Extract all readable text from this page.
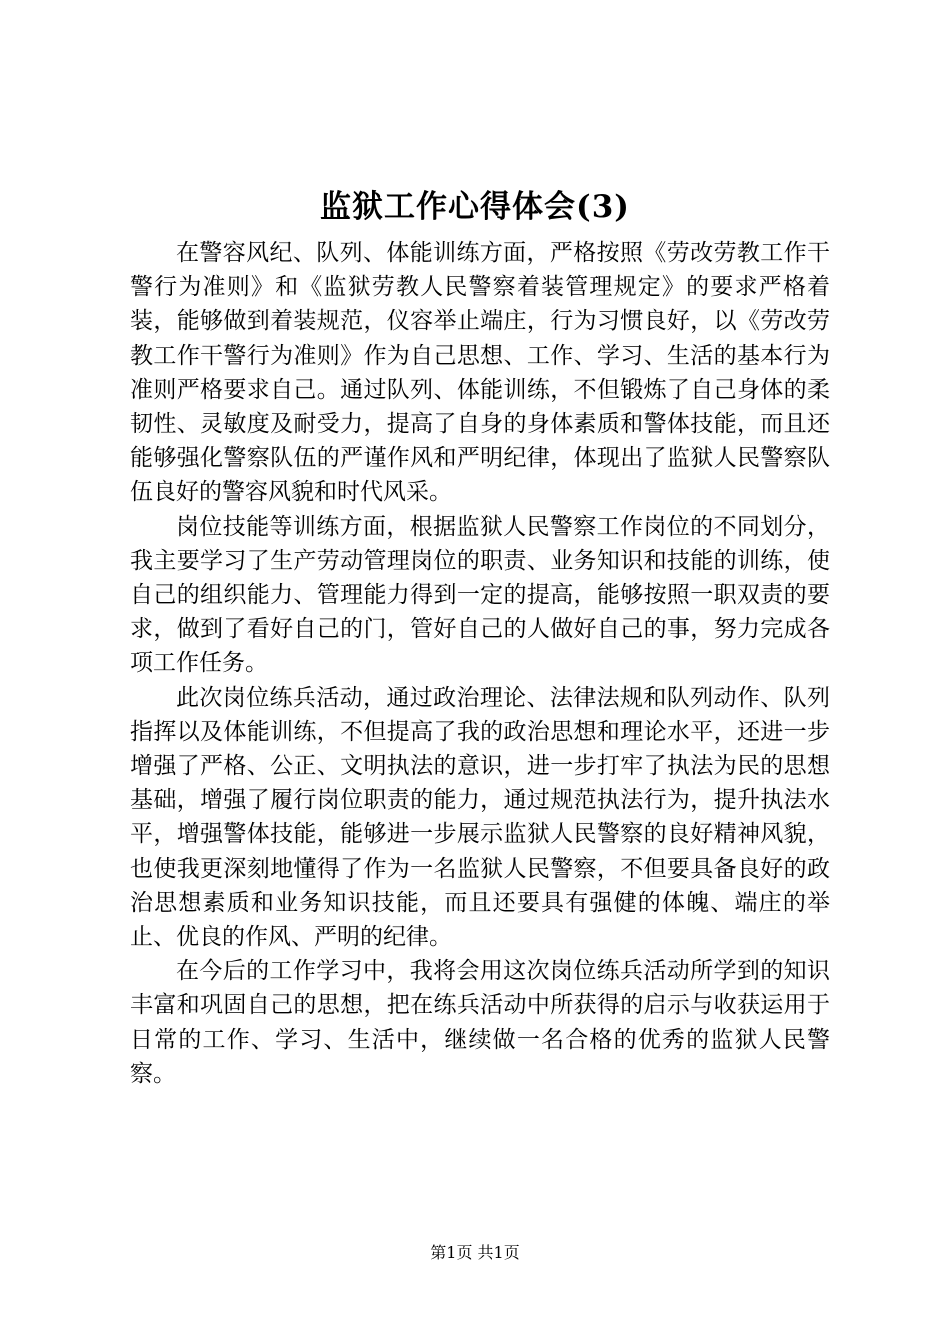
监狱工作心得体会(3)

在警容风纪、队列、体能训练方面，严格按照《劳改劳教工作干警行为准则》和《监狱劳教人民警察着装管理规定》的要求严格着装，能够做到着装规范，仪容举止端庄，行为习惯良好，以《劳改劳教工作干警行为准则》作为自己思想、工作、学习、生活的基本行为准则严格要求自己。通过队列、体能训练，不但锻炼了自己身体的柔韧性、灵敏度及耐受力，提高了自身的身体素质和警体技能，而且还能够强化警察队伍的严谨作风和严明纪律，体现出了监狱人民警察队伍良好的警容风貌和时代风采。

岗位技能等训练方面，根据监狱人民警察工作岗位的不同划分，我主要学习了生产劳动管理岗位的职责、业务知识和技能的训练，使自己的组织能力、管理能力得到一定的提高，能够按照一职双责的要求，做到了看好自己的门，管好自己的人做好自己的事，努力完成各项工作任务。

此次岗位练兵活动，通过政治理论、法律法规和队列动作、队列指挥以及体能训练，不但提高了我的政治思想和理论水平，还进一步增强了严格、公正、文明执法的意识，进一步打牢了执法为民的思想基础，增强了履行岗位职责的能力，通过规范执法行为，提升执法水平，增强警体技能，能够进一步展示监狱人民警察的良好精神风貌，也使我更深刻地懂得了作为一名监狱人民警察，不但要具备良好的政治思想素质和业务知识技能，而且还要具有强健的体魄、端庄的举止、优良的作风、严明的纪律。

在今后的工作学习中，我将会用这次岗位练兵活动所学到的知识丰富和巩固自己的思想，把在练兵活动中所获得的启示与收获运用于日常的工作、学习、生活中，继续做一名合格的优秀的监狱人民警察。

第1页 共1页
